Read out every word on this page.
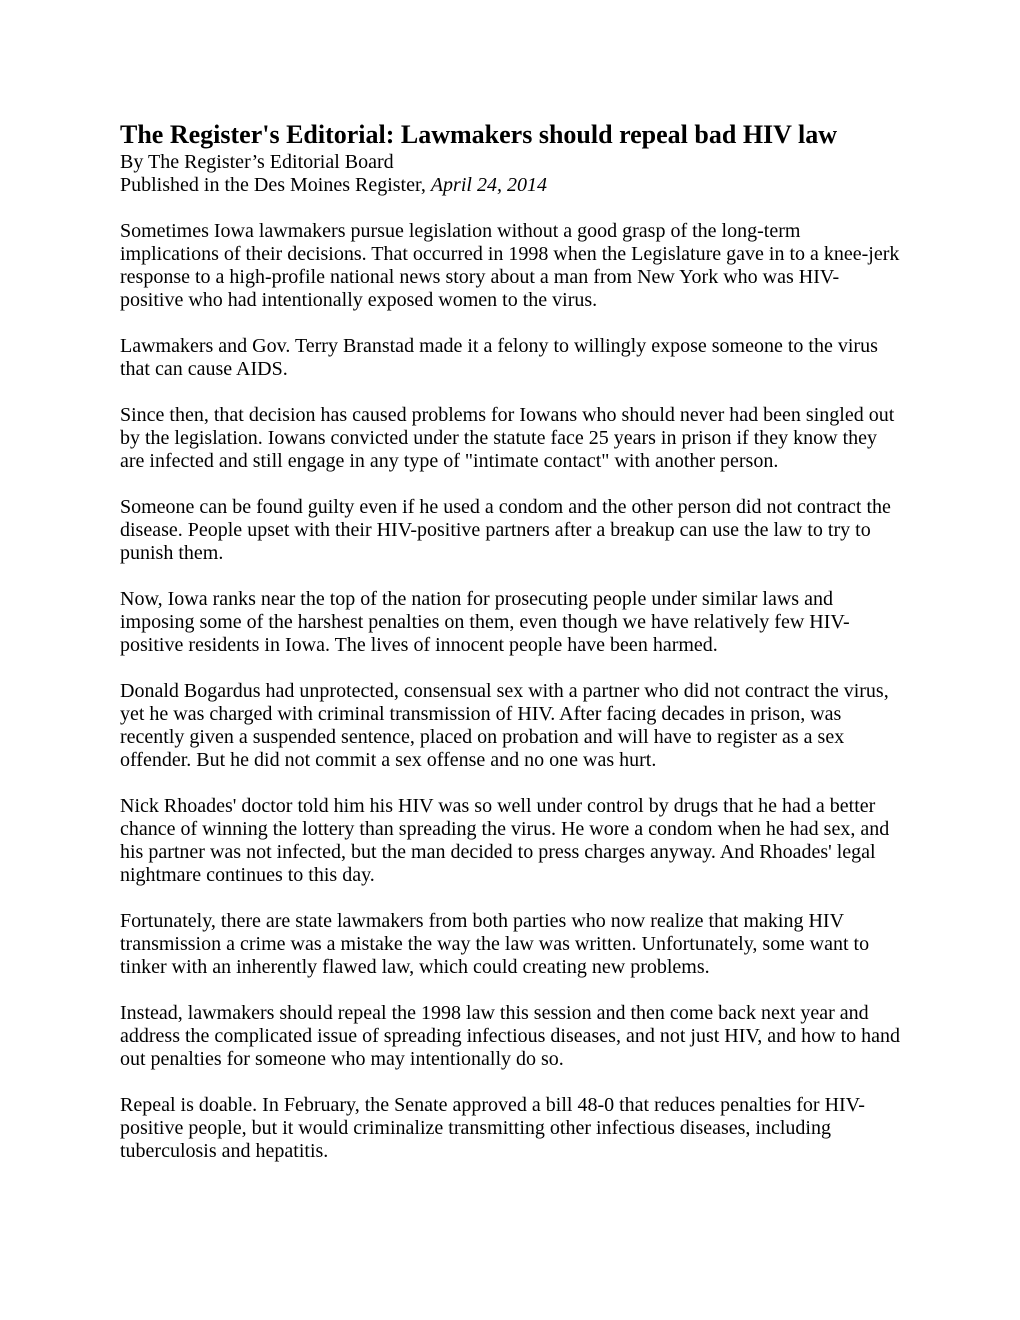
The Register's Editorial: Lawmakers should repeal bad HIV law

By The Register’s Editorial Board

Published in the Des Moines Register, April 24, 2014

Sometimes Iowa lawmakers pursue legislation without a good grasp of the long-term implications of their decisions. That occurred in 1998 when the Legislature gave in to a knee-jerk response to a high-profile national news story about a man from New York who was HIV-positive who had intentionally exposed women to the virus.

Lawmakers and Gov. Terry Branstad made it a felony to willingly expose someone to the virus that can cause AIDS.

Since then, that decision has caused problems for Iowans who should never had been singled out by the legislation. Iowans convicted under the statute face 25 years in prison if they know they are infected and still engage in any type of "intimate contact" with another person.

Someone can be found guilty even if he used a condom and the other person did not contract the disease. People upset with their HIV-positive partners after a breakup can use the law to try to punish them.

Now, Iowa ranks near the top of the nation for prosecuting people under similar laws and imposing some of the harshest penalties on them, even though we have relatively few HIV-positive residents in Iowa. The lives of innocent people have been harmed.

Donald Bogardus had unprotected, consensual sex with a partner who did not contract the virus, yet he was charged with criminal transmission of HIV. After facing decades in prison, was recently given a suspended sentence, placed on probation and will have to register as a sex offender. But he did not commit a sex offense and no one was hurt.

Nick Rhoades' doctor told him his HIV was so well under control by drugs that he had a better chance of winning the lottery than spreading the virus. He wore a condom when he had sex, and his partner was not infected, but the man decided to press charges anyway. And Rhoades' legal nightmare continues to this day.

Fortunately, there are state lawmakers from both parties who now realize that making HIV transmission a crime was a mistake the way the law was written. Unfortunately, some want to tinker with an inherently flawed law, which could creating new problems.

Instead, lawmakers should repeal the 1998 law this session and then come back next year and address the complicated issue of spreading infectious diseases, and not just HIV, and how to hand out penalties for someone who may intentionally do so.

Repeal is doable. In February, the Senate approved a bill 48-0 that reduces penalties for HIV-positive people, but it would criminalize transmitting other infectious diseases, including tuberculosis and hepatitis.
